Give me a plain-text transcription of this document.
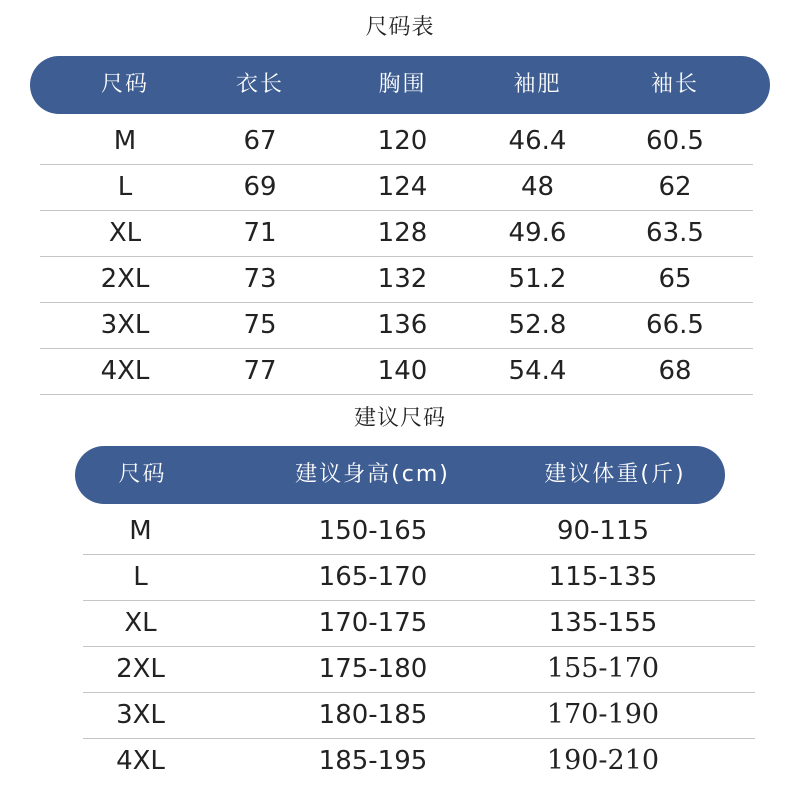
尺码表
尺码	衣长	胸围	袖肥	袖长
M	67	120	46.4	60.5
L	69	124	48	62
XL	71	128	49.6	63.5
2XL	73	132	51.2	65
3XL	75	136	52.8	66.5
4XL	77	140	54.4	68
建议尺码
尺码	建议身高(cm)	建议体重(斤)
M	150-165	90-115
L	165-170	115-135
XL	170-175	135-155
2XL	175-180	155-170
3XL	180-185	170-190
4XL	185-195	190-210
